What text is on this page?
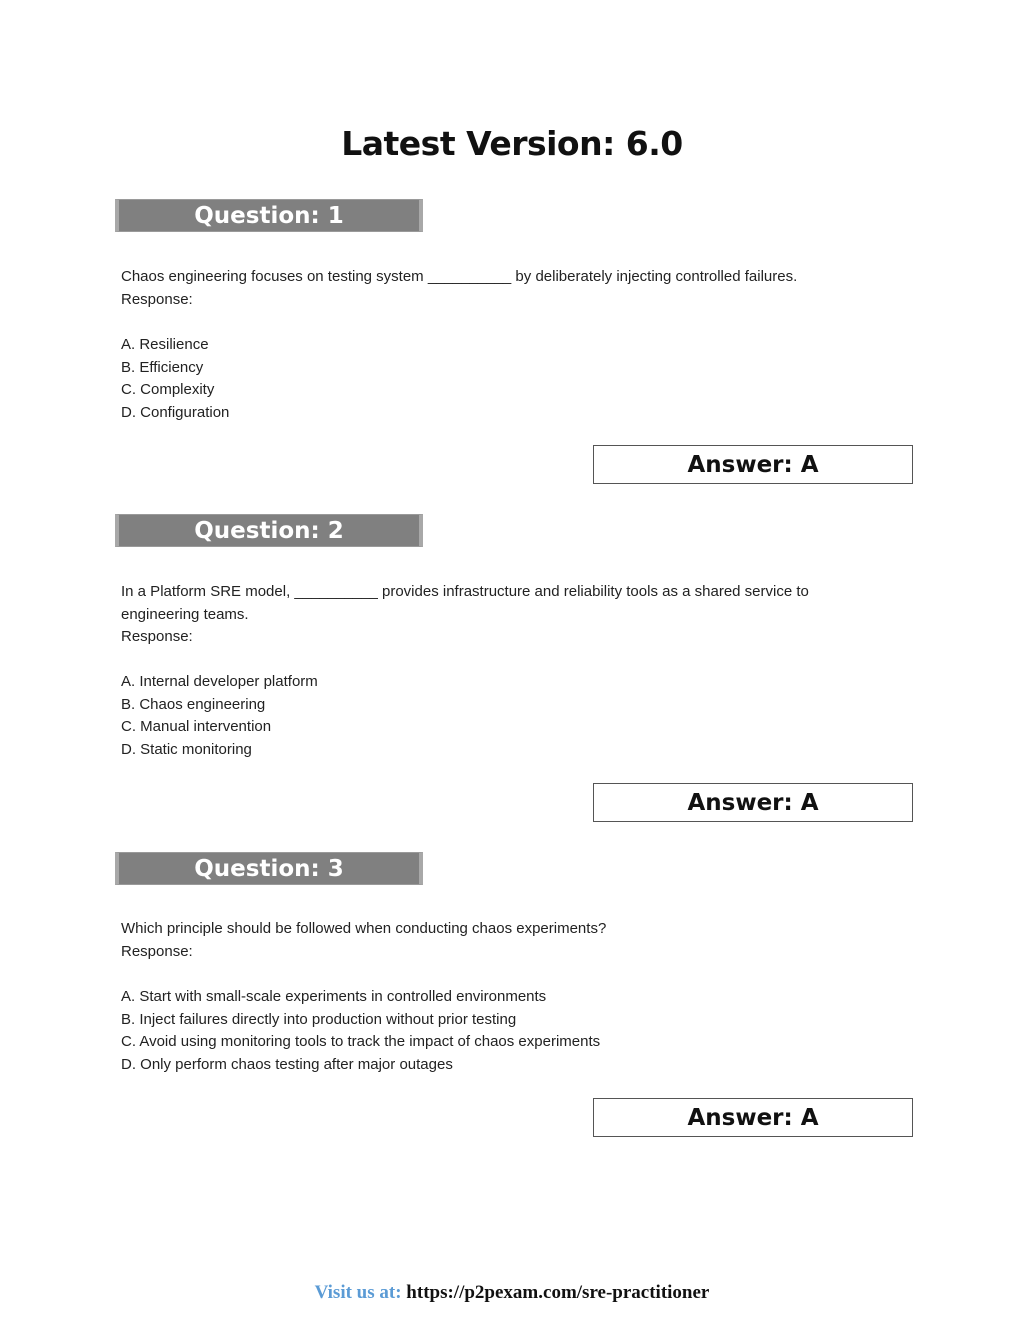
Latest Version: 6.0
Question: 1

Chaos engineering focuses on testing system __________ by deliberately injecting controlled failures.

Response:

A. Resilience
B. Efficiency
C. Complexity
D. Configuration
Answer: A
Question: 2

In a Platform SRE model, __________ provides infrastructure and reliability tools as a shared service to

engineering teams.

Response:

A. Internal developer platform
B. Chaos engineering
C. Manual intervention
D. Static monitoring
Answer: A
Question: 3

Which principle should be followed when conducting chaos experiments?

Response:

A. Start with small-scale experiments in controlled environments
B. Inject failures directly into production without prior testing
C. Avoid using monitoring tools to track the impact of chaos experiments
D. Only perform chaos testing after major outages
Answer: A
Visit us at: https://p2pexam.com/sre-practitioner
